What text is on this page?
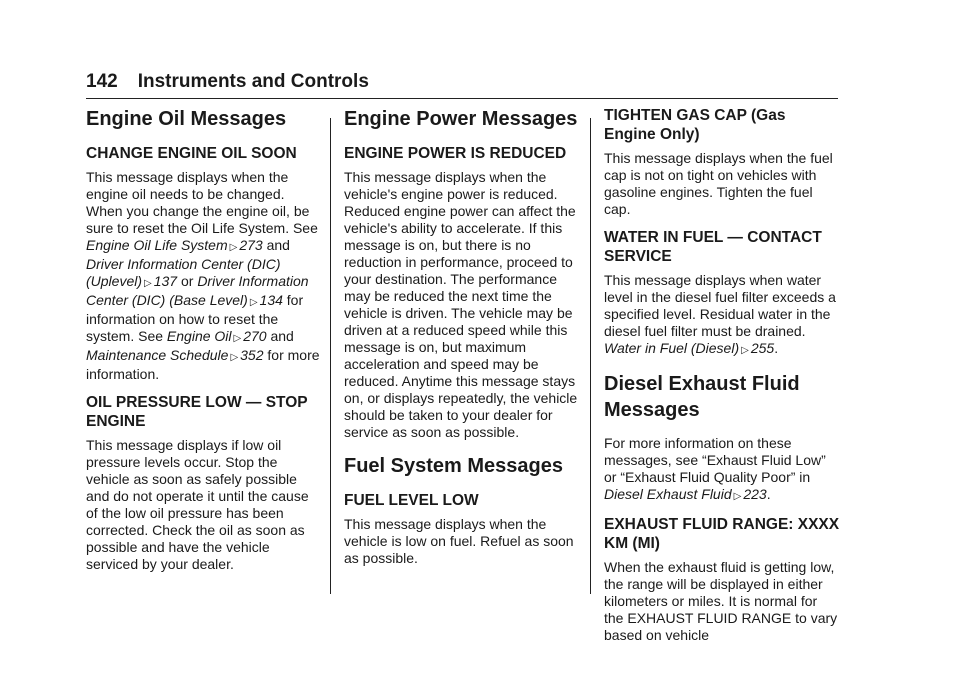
142 Instruments and Controls
Engine Oil Messages
CHANGE ENGINE OIL SOON

This message displays when the engine oil needs to be changed. When you change the engine oil, be sure to reset the Oil Life System. See Engine Oil Life System ▷ 273 and Driver Information Center (DIC) (Uplevel) ▷ 137 or Driver Information Center (DIC) (Base Level) ▷ 134 for information on how to reset the system. See Engine Oil ▷ 270 and Maintenance Schedule ▷ 352 for more information.

OIL PRESSURE LOW — STOP ENGINE

This message displays if low oil pressure levels occur. Stop the vehicle as soon as safely possible and do not operate it until the cause of the low oil pressure has been corrected. Check the oil as soon as possible and have the vehicle serviced by your dealer.

Engine Power Messages
ENGINE POWER IS REDUCED

This message displays when the vehicle's engine power is reduced. Reduced engine power can affect the vehicle's ability to accelerate. If this message is on, but there is no reduction in performance, proceed to your destination. The performance may be reduced the next time the vehicle is driven. The vehicle may be driven at a reduced speed while this message is on, but maximum acceleration and speed may be reduced. Anytime this message stays on, or displays repeatedly, the vehicle should be taken to your dealer for service as soon as possible.

Fuel System Messages
FUEL LEVEL LOW

This message displays when the vehicle is low on fuel. Refuel as soon as possible.

TIGHTEN GAS CAP (Gas Engine Only)

This message displays when the fuel cap is not on tight on vehicles with gasoline engines. Tighten the fuel cap.

WATER IN FUEL — CONTACT SERVICE

This message displays when water level in the diesel fuel filter exceeds a specified level. Residual water in the diesel fuel filter must be drained. Water in Fuel (Diesel) ▷ 255.

Diesel Exhaust Fluid Messages

For more information on these messages, see “Exhaust Fluid Low” or “Exhaust Fluid Quality Poor” in Diesel Exhaust Fluid ▷ 223.

EXHAUST FLUID RANGE: XXXX KM (MI)

When the exhaust fluid is getting low, the range will be displayed in either kilometers or miles. It is normal for the EXHAUST FLUID RANGE to vary based on vehicle
